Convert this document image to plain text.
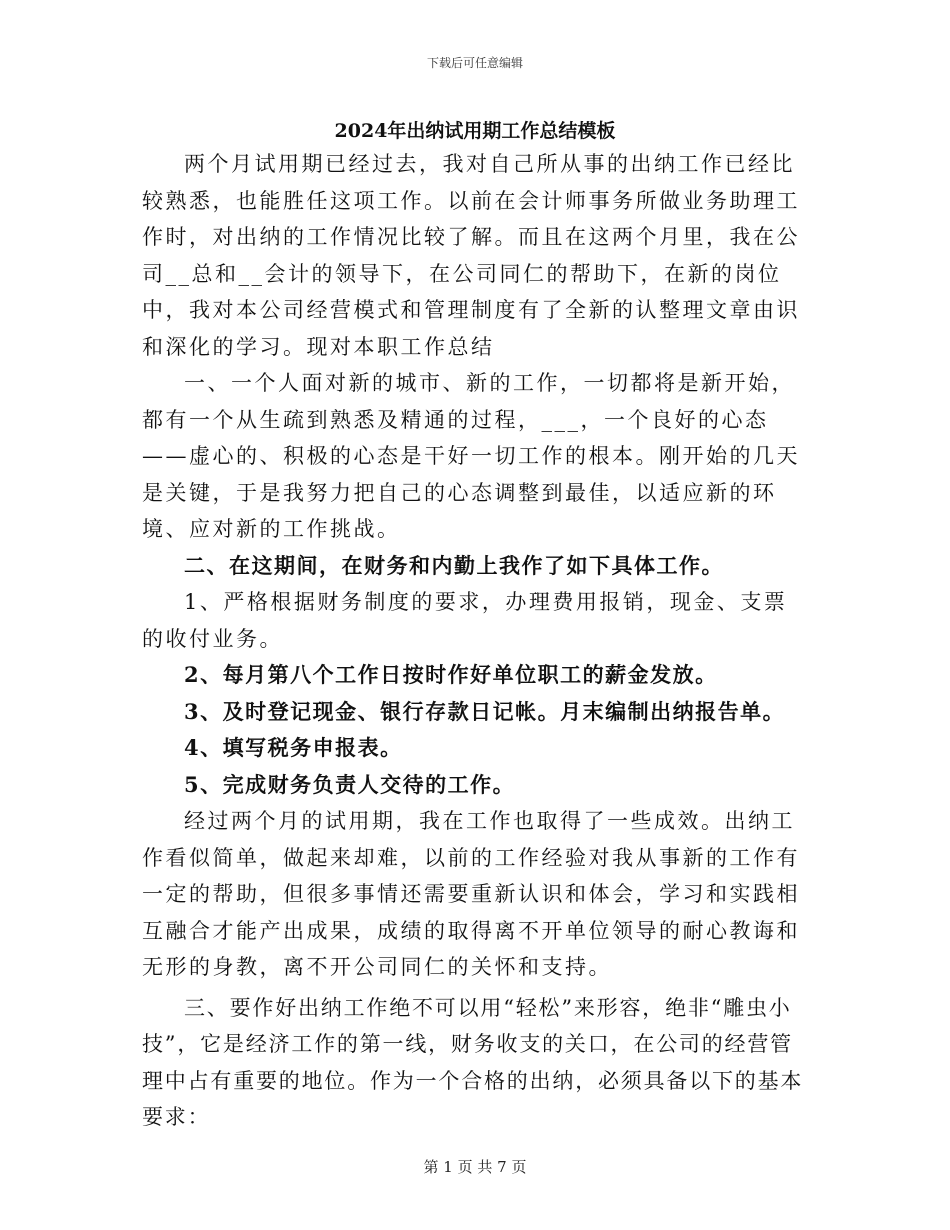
下载后可任意编辑
2024年出纳试用期工作总结模板

两个月试用期已经过去，我对自己所从事的出纳工作已经比较熟悉，也能胜任这项工作。以前在会计师事务所做业务助理工作时，对出纳的工作情况比较了解。而且在这两个月里，我在公司__总和__会计的领导下，在公司同仁的帮助下，在新的岗位中，我对本公司经营模式和管理制度有了全新的认整理文章由识和深化的学习。现对本职工作总结

一、一个人面对新的城市、新的工作，一切都将是新开始，都有一个从生疏到熟悉及精通的过程，___，一个良好的心态——虚心的、积极的心态是干好一切工作的根本。刚开始的几天是关键，于是我努力把自己的心态调整到最佳，以适应新的环境、应对新的工作挑战。

二、在这期间，在财务和内勤上我作了如下具体工作。

1、严格根据财务制度的要求，办理费用报销，现金、支票的收付业务。

2、每月第八个工作日按时作好单位职工的薪金发放。

3、及时登记现金、银行存款日记帐。月末编制出纳报告单。

4、填写税务申报表。

5、完成财务负责人交待的工作。

经过两个月的试用期，我在工作也取得了一些成效。出纳工作看似简单，做起来却难，以前的工作经验对我从事新的工作有一定的帮助，但很多事情还需要重新认识和体会，学习和实践相互融合才能产出成果，成绩的取得离不开单位领导的耐心教诲和无形的身教，离不开公司同仁的关怀和支持。

三、要作好出纳工作绝不可以用“轻松”来形容，绝非“雕虫小技”，它是经济工作的第一线，财务收支的关口，在公司的经营管理中占有重要的地位。作为一个合格的出纳，必须具备以下的基本要求：

第 1 页 共 7 页
